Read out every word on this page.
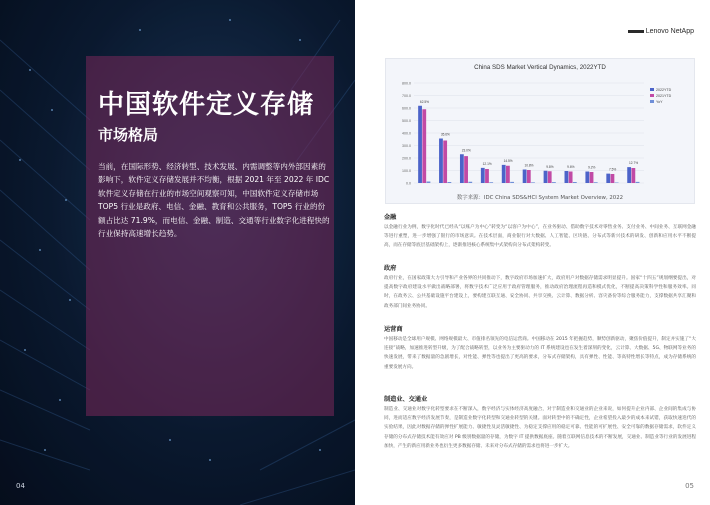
中国软件定义存储
市场格局
当前，在国际形势、经济转型、技术发展、内需调整等内外部因素的影响下，软件定义存储发展并不均衡，根据 2021 年至 2022 年 IDC 软件定义存储在行业的市场空间观察可知，中国软件定义存储市场 TOP5 行业是政府、电信、金融、教育和公共服务，TOP5 行业的份额占比达 71.9%，而电信、金融、制造、交通等行业数字化进程快的行业保持高速增长趋势。
04
Lenovo NetApp
China SDS Market Vertical Dynamics, 2022YTD
800.0
700.0
600.0
500.0
400.0
300.0
200.0
100.0
0.0
62.5%
35.6%
23.0%
12.1%
14.5%
10.8%	9.8%	9.6%	9.2%
7.5%
12.7%
2022YTD
2021YTD
YoY
数字来源：IDC China SDS&HCI System Market Overview, 2022
金融
以金融行业为例，数字化时代已经从“以账户为中心”转变为“以客户为中心”，在业务驱动、借助数字技术对零售业务、支付业务、中间业务、互联网金融等进行重塑，进一步增强了银行的市场意识。在技术层面，商业银行对大数据、人工智能、区块链、分布式等新兴技术的研发、创新和应用水平不断提高，而在存储等底层基础架构上，逐渐推进核心系统集中式架构向分布式架构转变。
政府
政府行业，在国家政策大力引导和产业各界的共同推动下，数字政府市场加速扩大，政府用户对数据存储需求明显提升。国家“十四五”规划纲要提出，对提高数字政府建设水平做出战略部署，将数字技术广泛应用于政府管理服务，推动政府治理流程再造和模式优化，不断提高决策科学性和服务效率。同时，在政务云、公共基础设施平台建设上，要构建互联互通、安全协同、共享交换、云计算、数据分析、容灾备份等综合服务能力，支撑数据共享汇聚和政务部门间业务协同。
运营商
中国移动是全球用户规模、网络规模最大、市值排名领先的电信运营商。中国移动在 2015 年把握趋势，顺势创新驱动，聚焦价值提升，制定并实施了“大连接”战略，加速推进转型升级，为了配合战略转型，以业务为主要驱动力的 IT 系统建设也在发生着深刻的变化，云计算、大数据、5G、物联网等业务的快速发展，带来了数据量的急剧增长，对性能、弹性等也提出了更高的要求，分布式存储架构，具有弹性、性能、等高特性增长等特点，成为存储系统的重要发展方向。
制造业、交通业
制造业、交通业对数字化转型要求在不断深入，数字经济与实体经济高度融合，对于制造业和交通业的企业来说，如何提升企业内部、企业间的集成与协同，进而适应数字经济发展节奏，是制造业数字化转型和交通业转型的关键。面对转型中的不确定性，企业希望投入最少的成本来试错，获取快速迭代的实验结果，因此对数据存储的弹性扩展能力、敏捷性及灵活敏捷性、为稳定支撑应用的稳定可靠、性能的可扩展性、安全可靠的数据存储需求，软件定义存储的分布式存储技术能有效应对 PB 级别数据量的存储，为数字 IT 提供数据底座。随着互联网信息技术的不断发展，交通业、制造业等行业的发展进程加快，产生的新应用新业务也衍生更多数据存储、未来对分布式存储的需求也将进一步扩大。
05
